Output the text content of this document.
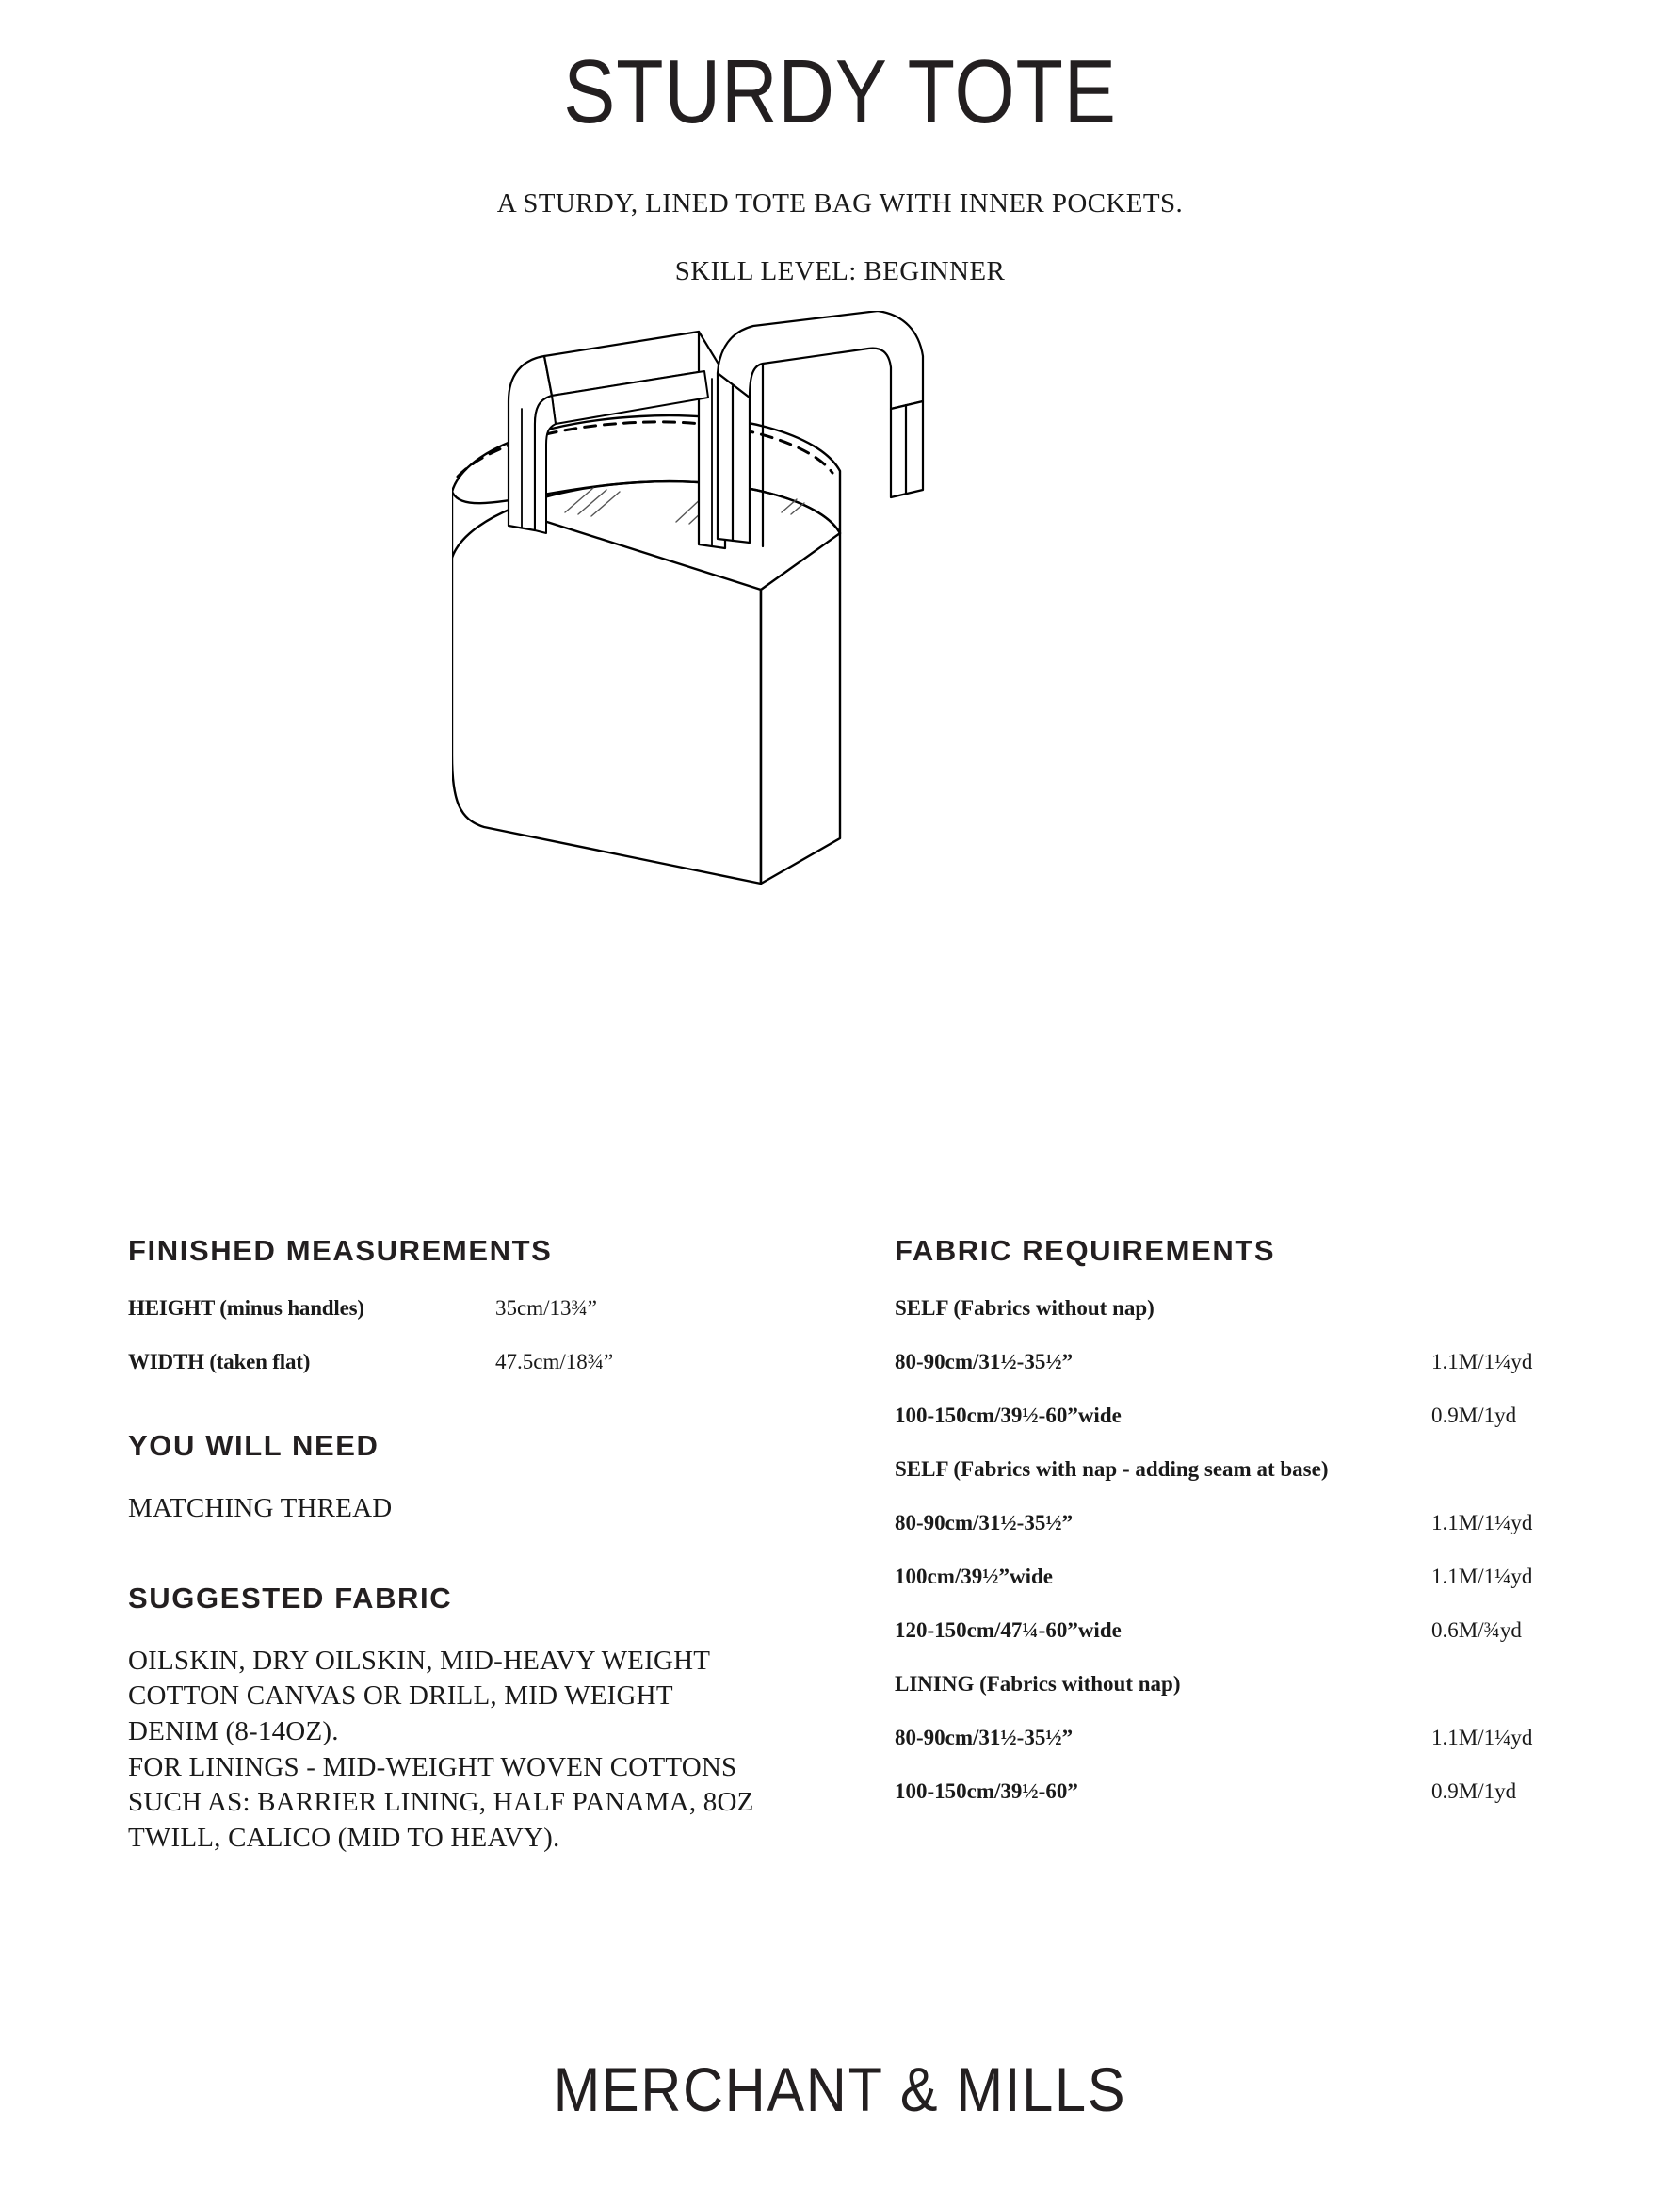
STURDY TOTE
A STURDY, LINED TOTE BAG WITH INNER POCKETS.
SKILL LEVEL: BEGINNER
FINISHED MEASUREMENTS
HEIGHT (minus handles)	35cm/13¾”
WIDTH (taken flat)	47.5cm/18¾”
YOU WILL NEED
MATCHING THREAD
SUGGESTED FABRIC
OILSKIN, DRY OILSKIN, MID-HEAVY WEIGHT
COTTON CANVAS OR DRILL, MID WEIGHT
DENIM (8-14OZ).
FOR LININGS - MID-WEIGHT WOVEN COTTONS
SUCH AS: BARRIER LINING, HALF PANAMA, 8OZ
TWILL, CALICO (MID TO HEAVY).
FABRIC REQUIREMENTS
SELF (Fabrics without nap)
80-90cm/31½-35½”	1.1M/1¼yd
100-150cm/39½-60”wide	0.9M/1yd
SELF (Fabrics with nap - adding seam at base)
80-90cm/31½-35½”	1.1M/1¼yd
100cm/39½”wide	1.1M/1¼yd
120-150cm/47¼-60”wide	0.6M/¾yd
LINING (Fabrics without nap)
80-90cm/31½-35½”	1.1M/1¼yd
100-150cm/39½-60”	0.9M/1yd
MERCHANT & MILLS
